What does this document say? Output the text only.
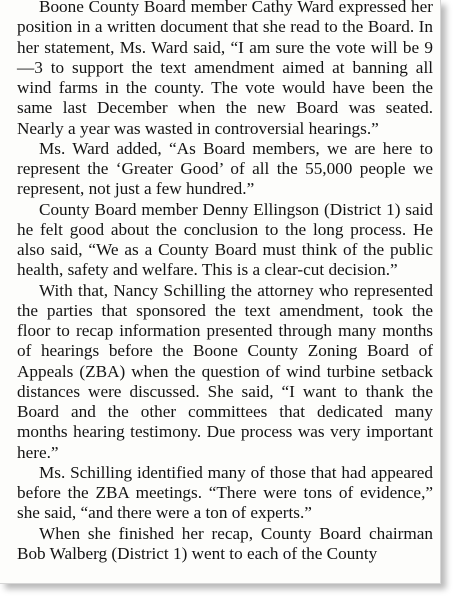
Boone County Board member Cathy Ward expressed her position in a written document that she read to the Board. In her statement, Ms. Ward said, “I am sure the vote will be 9—3 to support the text amendment aimed at banning all wind farms in the county. The vote would have been the same last December when the new Board was seated. Nearly a year was wasted in controversial hearings.”

Ms. Ward added, “As Board members, we are here to represent the ‘Greater Good’ of all the 55,000 people we represent, not just a few hundred.”

County Board member Denny Ellingson (District 1) said he felt good about the conclusion to the long process. He also said, “We as a County Board must think of the public health, safety and welfare. This is a clear-cut decision.”

With that, Nancy Schilling the attorney who represented the parties that sponsored the text amendment, took the floor to recap information presented through many months of hearings before the Boone County Zoning Board of Appeals (ZBA) when the question of wind turbine setback distances were discussed. She said, “I want to thank the Board and the other committees that dedicated many months hearing testimony. Due process was very important here.”

Ms. Schilling identified many of those that had appeared before the ZBA meetings. “There were tons of evidence,” she said, “and there were a ton of experts.”

When she finished her recap, County Board chairman Bob Walberg (District 1) went to each of the County
